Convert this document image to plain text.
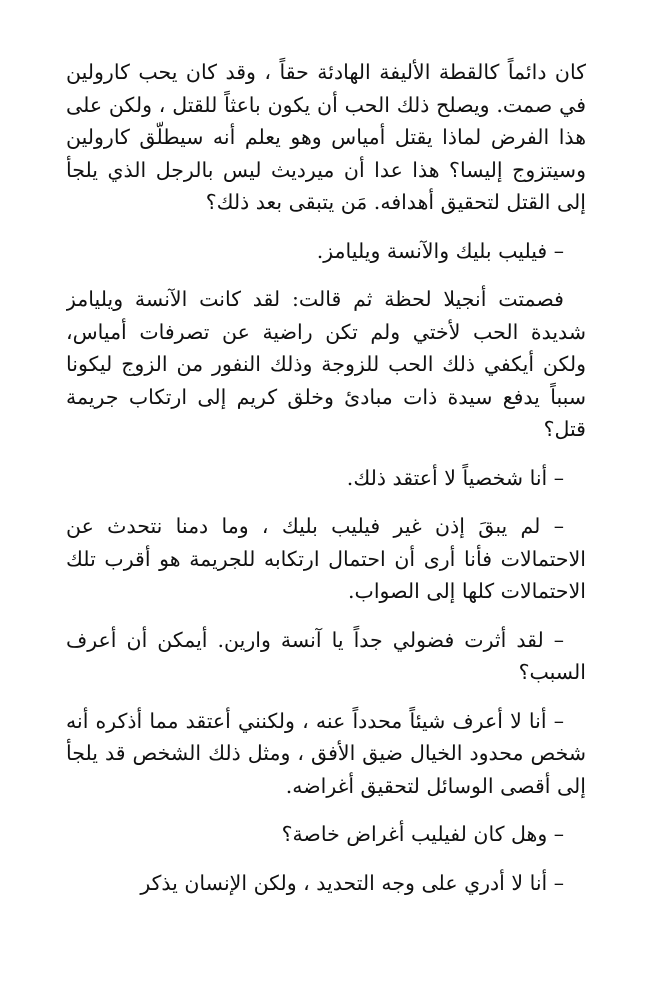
كان دائماً كالقطة الأليفة الهادئة حقاً ، وقد كان يحب كارولين في صمت. ويصلح ذلك الحب أن يكون باعثاً للقتل ، ولكن على هذا الفرض لماذا يقتل أمياس وهو يعلم أنه سيطلّق كارولين وسيتزوج إليسا؟ هذا عدا أن ميرديث ليس بالرجل الذي يلجأ إلى القتل لتحقيق أهدافه. مَن يتبقى بعد ذلك؟

– فيليب بليك والآنسة ويليامز.

فصمتت أنجيلا لحظة ثم قالت: لقد كانت الآنسة ويليامز شديدة الحب لأختي ولم تكن راضية عن تصرفات أمياس، ولكن أيكفي ذلك الحب للزوجة وذلك النفور من الزوج ليكونا سبباً يدفع سيدة ذات مبادئ وخلق كريم إلى ارتكاب جريمة قتل؟

– أنا شخصياً لا أعتقد ذلك.

– لم يبقَ إذن غير فيليب بليك ، وما دمنا نتحدث عن الاحتمالات فأنا أرى أن احتمال ارتكابه للجريمة هو أقرب تلك الاحتمالات كلها إلى الصواب.

– لقد أثرت فضولي جداً يا آنسة وارين. أيمكن أن أعرف السبب؟

– أنا لا أعرف شيئاً محدداً عنه ، ولكنني أعتقد مما أذكره أنه شخص محدود الخيال ضيق الأفق ، ومثل ذلك الشخص قد يلجأ إلى أقصى الوسائل لتحقيق أغراضه.

– وهل كان لفيليب أغراض خاصة؟

– أنا لا أدري على وجه التحديد ، ولكن الإنسان يذكر
